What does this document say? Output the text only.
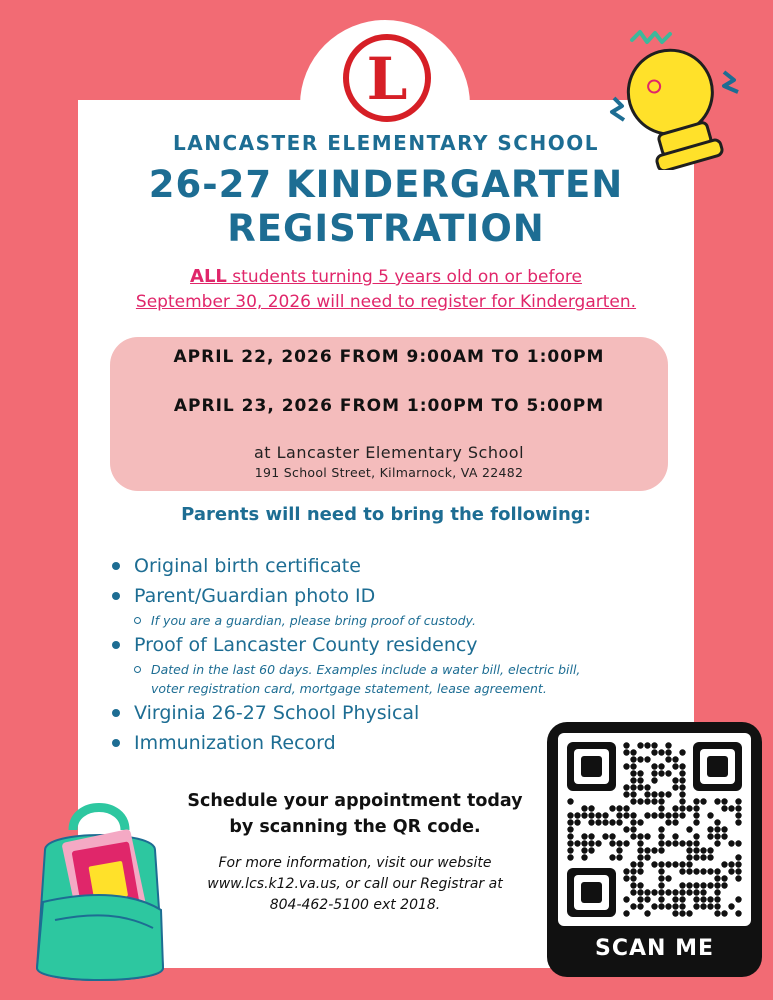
L
LANCASTER ELEMENTARY SCHOOL
26-27 KINDERGARTEN
REGISTRATION
ALL students turning 5 years old on or before
September 30, 2026 will need to register for Kindergarten.
APRIL 22, 2026 FROM 9:00AM TO 1:00PM
APRIL 23, 2026 FROM 1:00PM TO 5:00PM
at Lancaster Elementary School
191 School Street, Kilmarnock, VA 22482
Parents will need to bring the following:
Original birth certificate
Parent/Guardian photo ID
If you are a guardian, please bring proof of custody.
Proof of Lancaster County residency
Dated in the last 60 days. Examples include a water bill, electric bill,
voter registration card, mortgage statement, lease agreement.
Virginia 26-27 School Physical
Immunization Record
Schedule your appointment today
by scanning the QR code.
For more information, visit our website
www.lcs.k12.va.us, or call our Registrar at
804-462-5100 ext 2018.
SCAN ME
